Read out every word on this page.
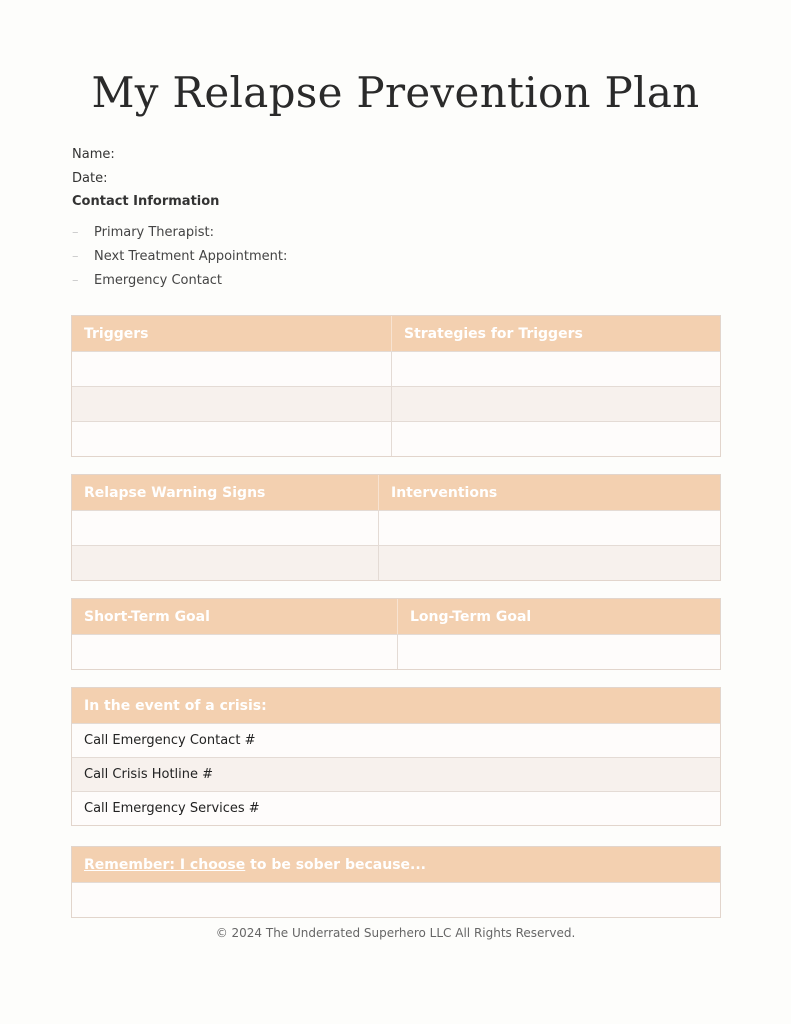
My Relapse Prevention Plan
Name:
Date:
Contact Information
– Primary Therapist:
– Next Treatment Appointment:
– Emergency Contact
Triggers	Strategies for Triggers
Relapse Warning Signs	Interventions
Short-Term Goal	Long-Term Goal
In the event of a crisis:
Call Emergency Contact #
Call Crisis Hotline #
Call Emergency Services #
Remember: I choose to be sober because...
© 2024 The Underrated Superhero LLC All Rights Reserved.
